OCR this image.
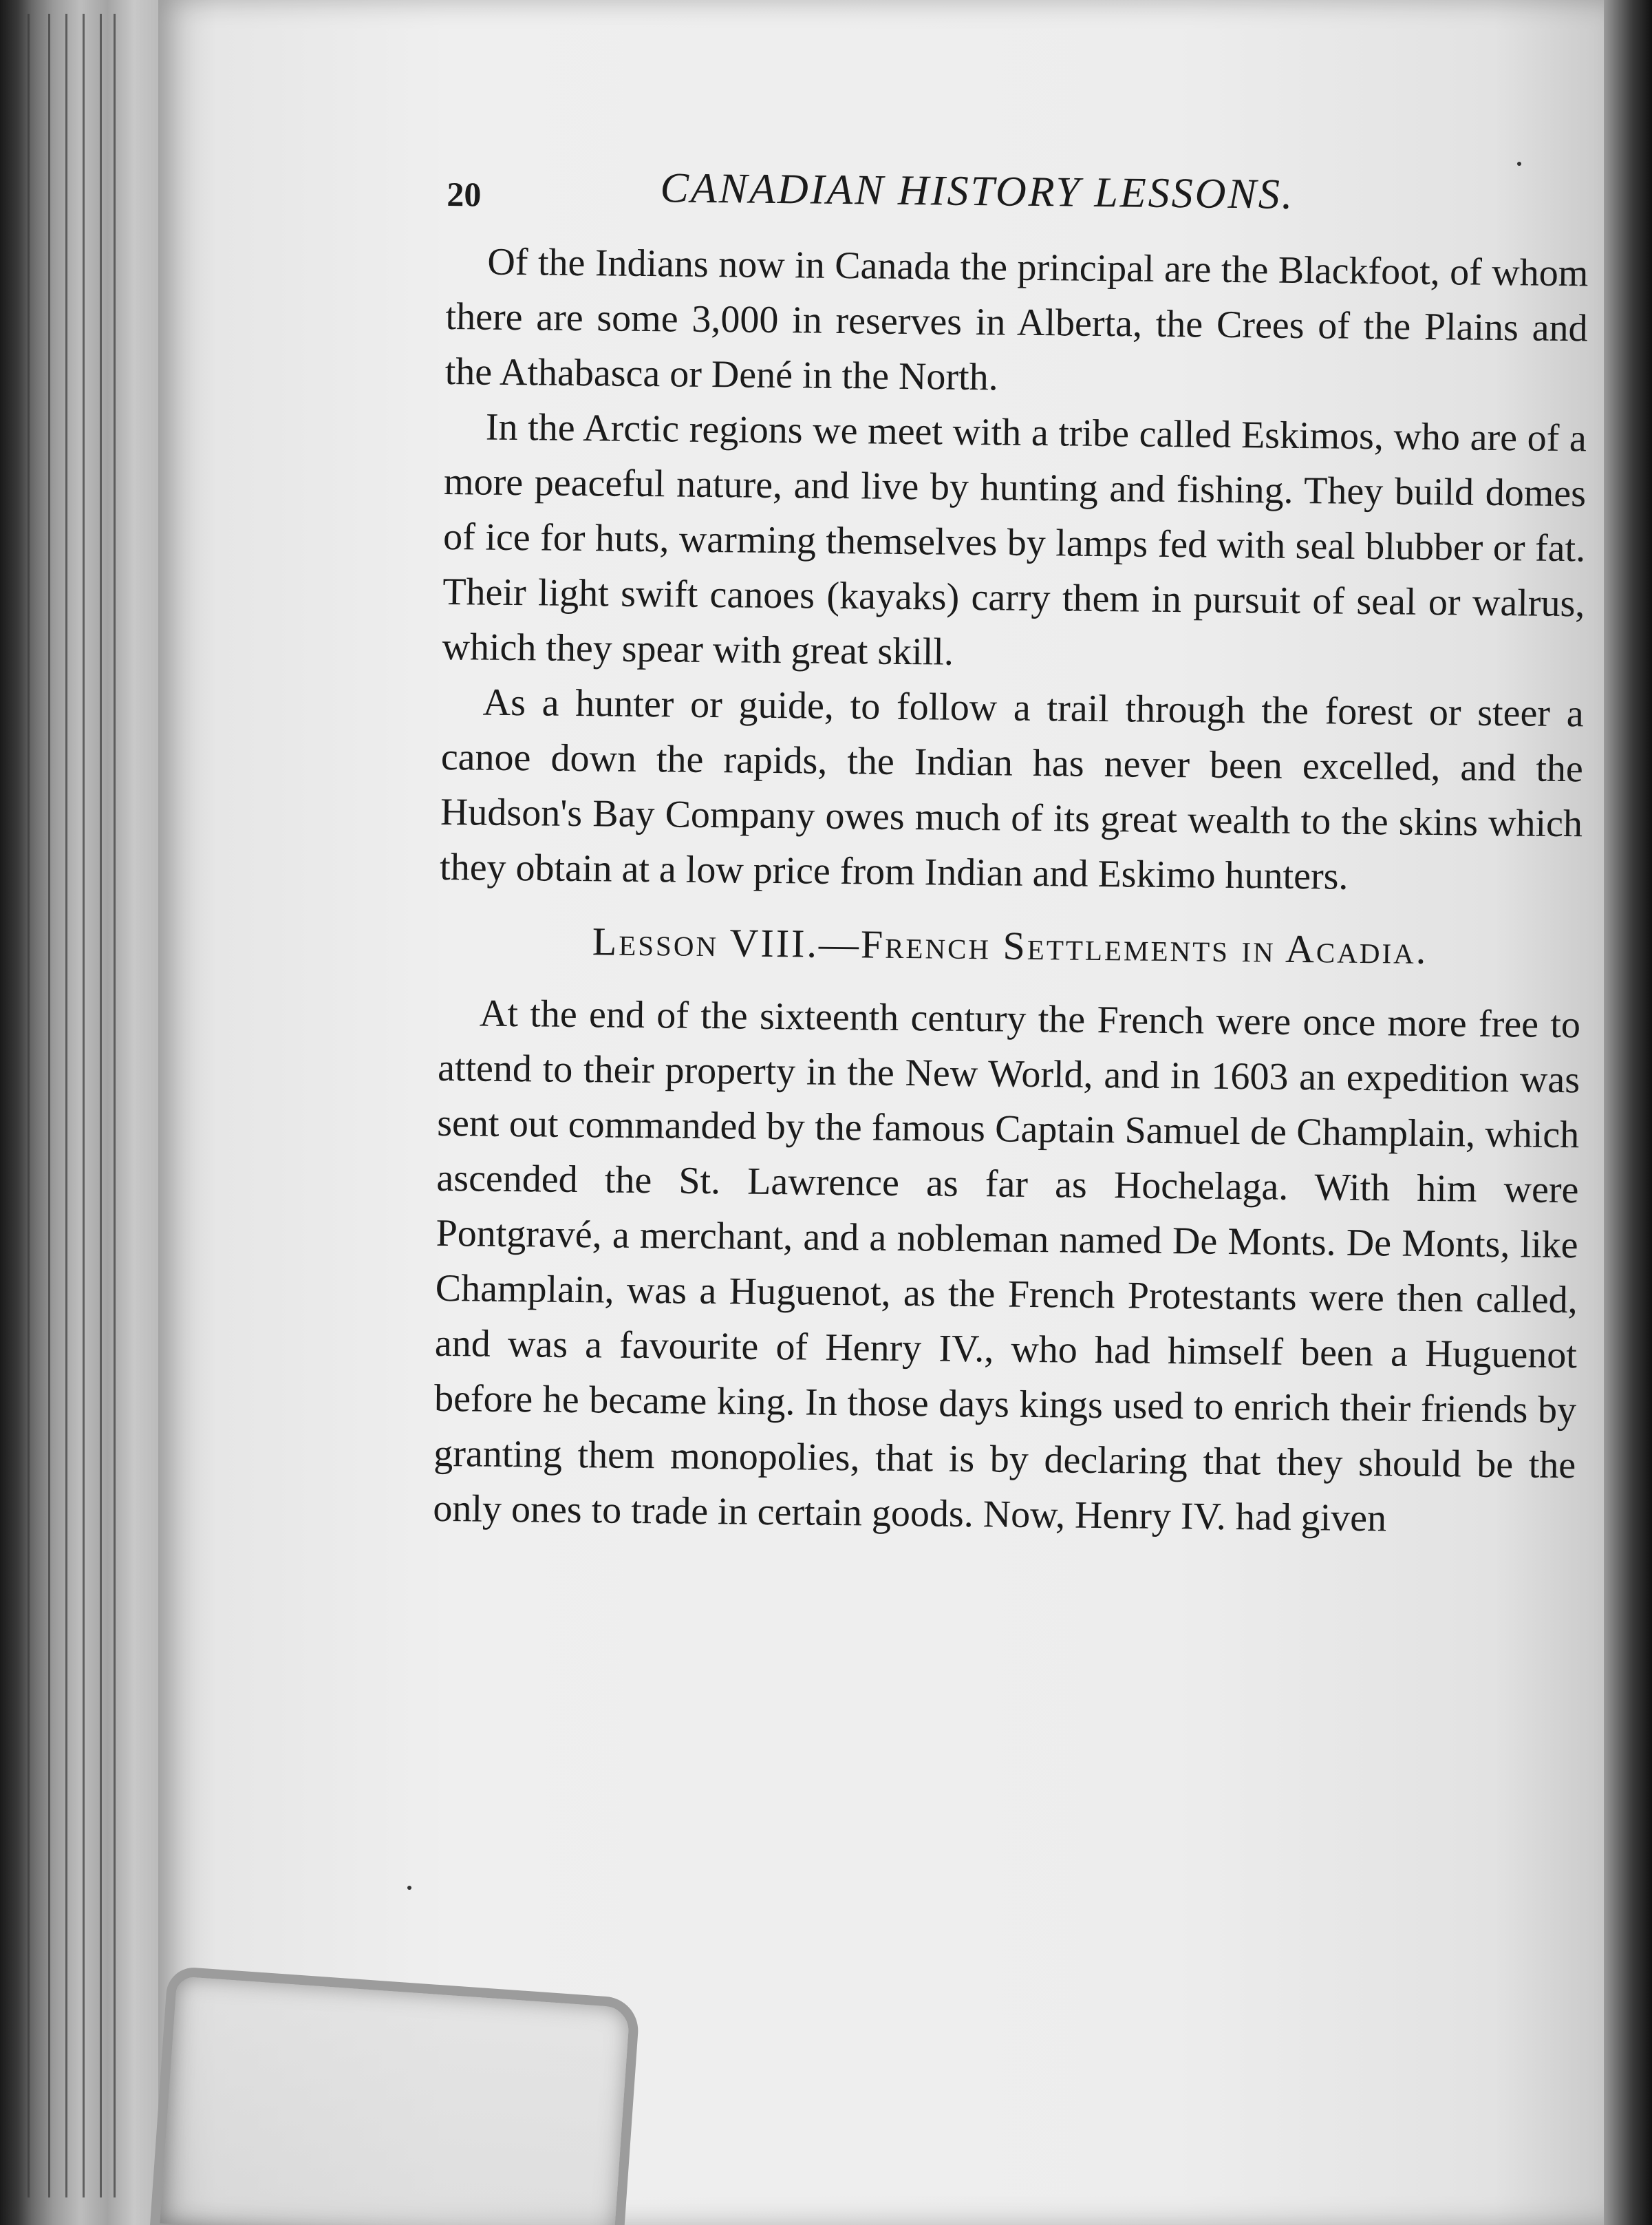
20	CANADIAN HISTORY LESSONS.

Of the Indians now in Canada the principal are the Blackfoot, of whom there are some 3,000 in reserves in Alberta, the Crees of the Plains and the Athabasca or Dené in the North.

In the Arctic regions we meet with a tribe called Eskimos, who are of a more peaceful nature, and live by hunting and fishing. They build domes of ice for huts, warming themselves by lamps fed with seal blubber or fat. Their light swift canoes (kayaks) carry them in pursuit of seal or walrus, which they spear with great skill.

As a hunter or guide, to follow a trail through the forest or steer a canoe down the rapids, the Indian has never been excelled, and the Hudson's Bay Company owes much of its great wealth to the skins which they obtain at a low price from Indian and Eskimo hunters.

Lesson VIII.—French Settlements in Acadia.

At the end of the sixteenth century the French were once more free to attend to their property in the New World, and in 1603 an expedition was sent out commanded by the famous Captain Samuel de Champlain, which ascended the St. Lawrence as far as Hochelaga. With him were Pontgravé, a merchant, and a nobleman named De Monts. De Monts, like Champlain, was a Huguenot, as the French Protestants were then called, and was a favourite of Henry IV., who had himself been a Huguenot before he became king. In those days kings used to enrich their friends by granting them monopolies, that is by declaring that they should be the only ones to trade in certain goods. Now, Henry IV. had given
